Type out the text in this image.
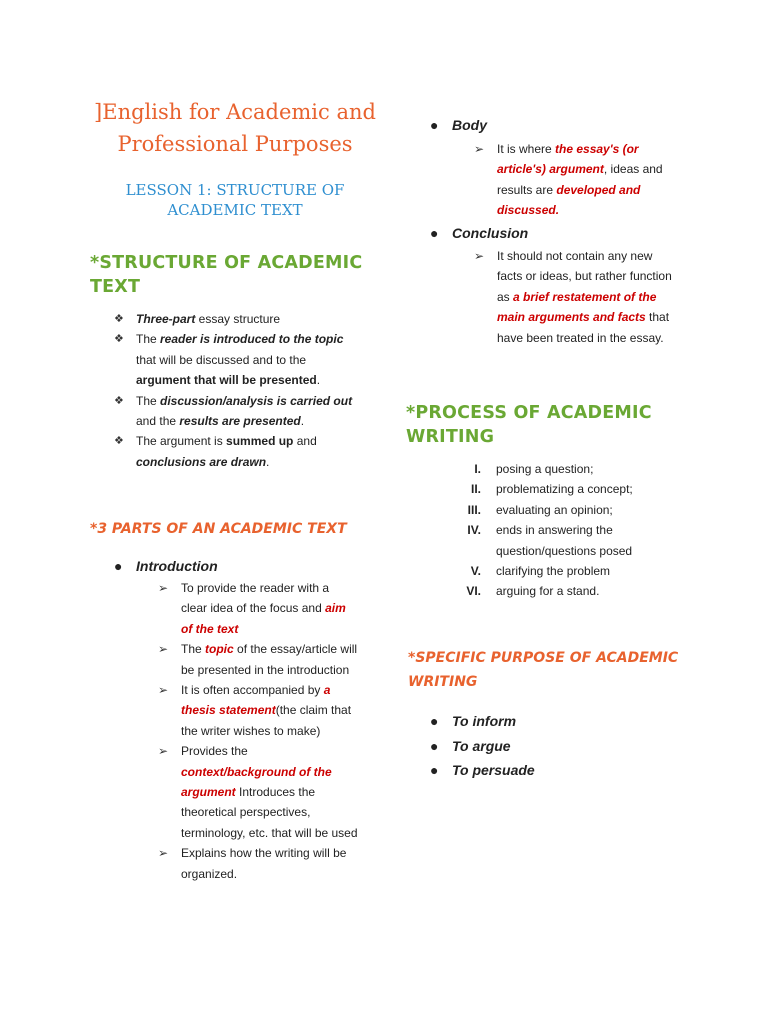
]English for Academic and
Professional Purposes

LESSON 1: STRUCTURE OF
ACADEMIC TEXT

*STRUCTURE OF ACADEMIC
TEXT
❖ Three-part essay structure
❖ The reader is introduced to the topic that will be discussed and to the argument that will be presented.
❖ The discussion/analysis is carried out and the results are presented.
❖ The argument is summed up and conclusions are drawn.
*3 PARTS OF AN ACADEMIC TEXT
● Introduction
➢ To provide the reader with a clear idea of the focus and aim of the text
➢ The topic of the essay/article will be presented in the introduction
➢ It is often accompanied by a thesis statement(the claim that the writer wishes to make)
➢ Provides the context/background of the argument Introduces the theoretical perspectives, terminology, etc. that will be used
➢ Explains how the writing will be organized.
● Body
➢ It is where the essay's (or article's) argument, ideas and results are developed and discussed.
● Conclusion
➢ It should not contain any new facts or ideas, but rather function as a brief restatement of the main arguments and facts that have been treated in the essay.
*PROCESS OF ACADEMIC
WRITING
I. posing a question;
II. problematizing a concept;
III. evaluating an opinion;
IV. ends in answering the question/questions posed
V. clarifying the problem
VI. arguing for a stand.
*SPECIFIC PURPOSE OF ACADEMIC
WRITING
● To inform
● To argue
● To persuade
